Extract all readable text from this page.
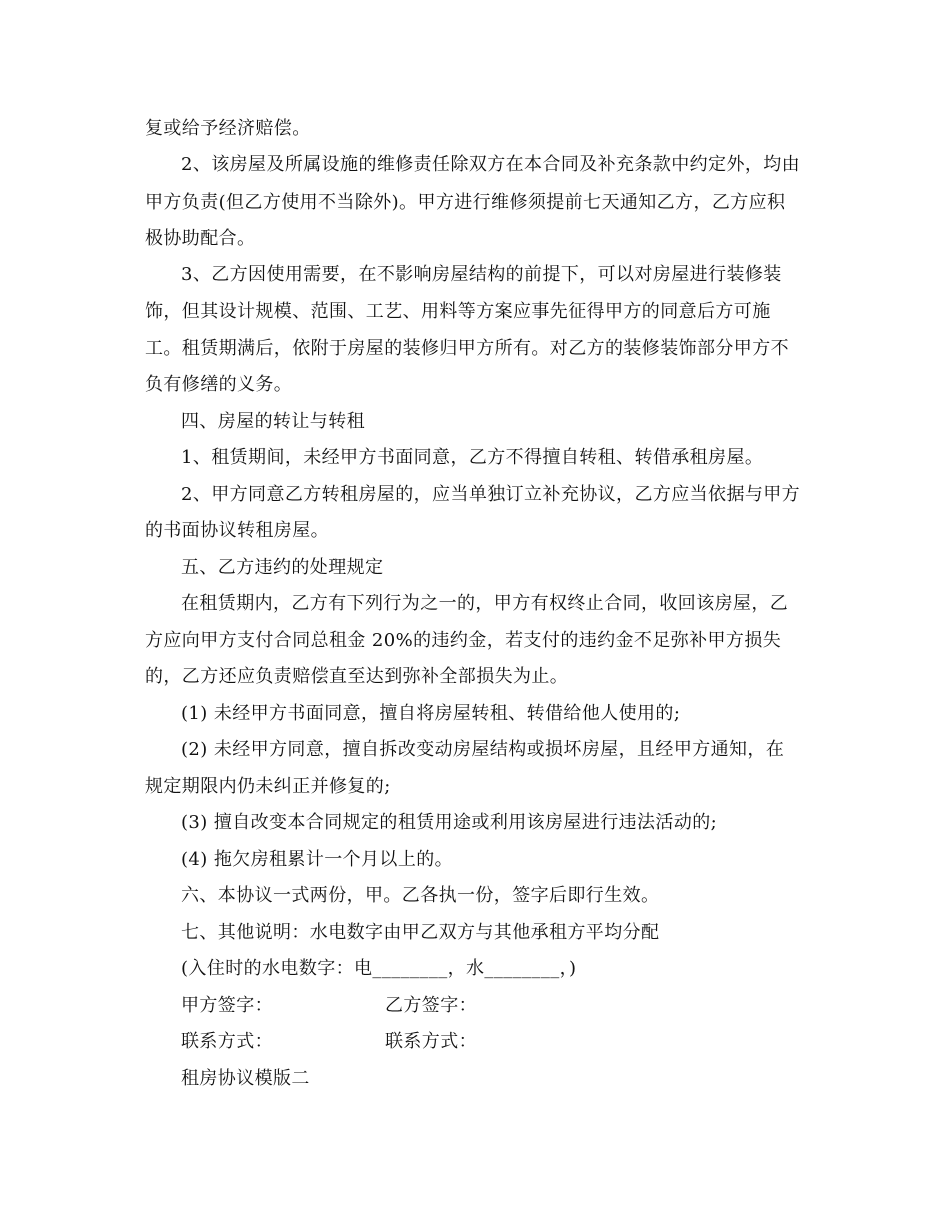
复或给予经济赔偿。
2、该房屋及所属设施的维修责任除双方在本合同及补充条款中约定外，均由
甲方负责(但乙方使用不当除外)。甲方进行维修须提前七天通知乙方，乙方应积
极协助配合。
3、乙方因使用需要，在不影响房屋结构的前提下，可以对房屋进行装修装
饰，但其设计规模、范围、工艺、用料等方案应事先征得甲方的同意后方可施
工。租赁期满后，依附于房屋的装修归甲方所有。对乙方的装修装饰部分甲方不
负有修缮的义务。
四、房屋的转让与转租
1、租赁期间，未经甲方书面同意，乙方不得擅自转租、转借承租房屋。
2、甲方同意乙方转租房屋的，应当单独订立补充协议，乙方应当依据与甲方
的书面协议转租房屋。
五、乙方违约的处理规定
在租赁期内，乙方有下列行为之一的，甲方有权终止合同，收回该房屋，乙
方应向甲方支付合同总租金 20%的违约金，若支付的违约金不足弥补甲方损失
的，乙方还应负责赔偿直至达到弥补全部损失为止。
(1) 未经甲方书面同意，擅自将房屋转租、转借给他人使用的;
(2) 未经甲方同意，擅自拆改变动房屋结构或损坏房屋，且经甲方通知，在
规定期限内仍未纠正并修复的;
(3) 擅自改变本合同规定的租赁用途或利用该房屋进行违法活动的;
(4) 拖欠房租累计一个月以上的。
六、本协议一式两份，甲。乙各执一份，签字后即行生效。
七、其他说明：水电数字由甲乙双方与其他承租方平均分配
(入住时的水电数字：电________，水________，)
甲方签字：	乙方签字：
联系方式：	联系方式：
租房协议模版二
